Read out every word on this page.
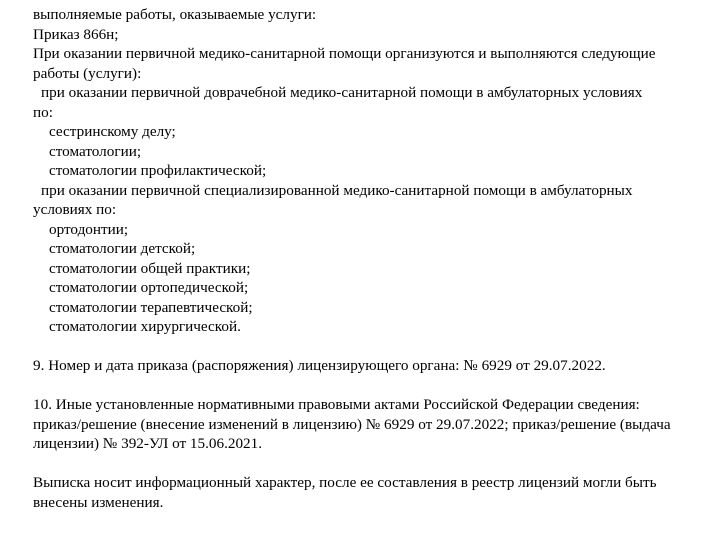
выполняемые работы, оказываемые услуги:
Приказ 866н;
При оказании первичной медико-санитарной помощи организуются и выполняются следующие
работы (услуги):
при оказании первичной доврачебной медико-санитарной помощи в амбулаторных условиях
по:
сестринскому делу;
стоматологии;
стоматологии профилактической;
при оказании первичной специализированной медико-санитарной помощи в амбулаторных
условиях по:
ортодонтии;
стоматологии детской;
стоматологии общей практики;
стоматологии ортопедической;
стоматологии терапевтической;
стоматологии хирургической.
9. Номер и дата приказа (распоряжения) лицензирующего органа: № 6929 от 29.07.2022.
10. Иные установленные нормативными правовыми актами Российской Федерации сведения:
приказ/решение (внесение изменений в лицензию) № 6929 от 29.07.2022; приказ/решение (выдача
лицензии) № 392-УЛ от 15.06.2021.
Выписка носит информационный характер, после ее составления в реестр лицензий могли быть
внесены изменения.
